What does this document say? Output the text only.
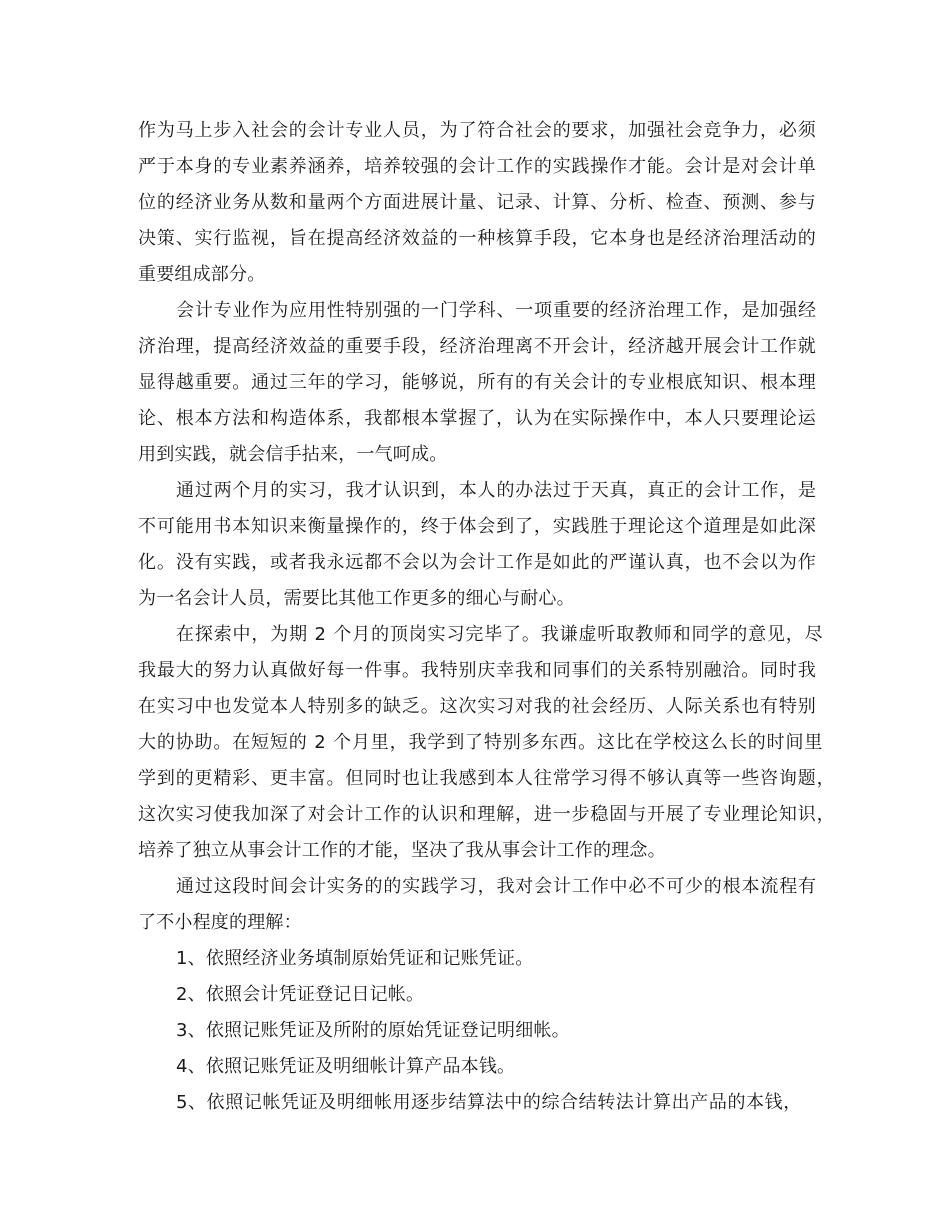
作为马上步入社会的会计专业人员，为了符合社会的要求，加强社会竞争力，必须
严于本身的专业素养涵养，培养较强的会计工作的实践操作才能。会计是对会计单
位的经济业务从数和量两个方面进展计量、记录、计算、分析、检查、预测、参与
决策、实行监视，旨在提高经济效益的一种核算手段，它本身也是经济治理活动的
重要组成部分。
会计专业作为应用性特别强的一门学科、一项重要的经济治理工作，是加强经
济治理，提高经济效益的重要手段，经济治理离不开会计，经济越开展会计工作就
显得越重要。通过三年的学习，能够说，所有的有关会计的专业根底知识、根本理
论、根本方法和构造体系，我都根本掌握了，认为在实际操作中，本人只要理论运
用到实践，就会信手拈来，一气呵成。
通过两个月的实习，我才认识到，本人的办法过于天真，真正的会计工作，是
不可能用书本知识来衡量操作的，终于体会到了，实践胜于理论这个道理是如此深
化。没有实践，或者我永远都不会以为会计工作是如此的严谨认真，也不会以为作
为一名会计人员，需要比其他工作更多的细心与耐心。
在探索中，为期 2 个月的顶岗实习完毕了。我谦虚听取教师和同学的意见，尽
我最大的努力认真做好每一件事。我特别庆幸我和同事们的关系特别融洽。同时我
在实习中也发觉本人特别多的缺乏。这次实习对我的社会经历、人际关系也有特别
大的协助。在短短的 2 个月里，我学到了特别多东西。这比在学校这么长的时间里
学到的更精彩、更丰富。但同时也让我感到本人往常学习得不够认真等一些咨询题，
这次实习使我加深了对会计工作的认识和理解，进一步稳固与开展了专业理论知识，
培养了独立从事会计工作的才能，坚决了我从事会计工作的理念。
通过这段时间会计实务的的实践学习，我对会计工作中必不可少的根本流程有
了不小程度的理解：
1、依照经济业务填制原始凭证和记账凭证。
2、依照会计凭证登记日记帐。
3、依照记账凭证及所附的原始凭证登记明细帐。
4、依照记账凭证及明细帐计算产品本钱。
5、依照记帐凭证及明细帐用逐步结算法中的综合结转法计算出产品的本钱，
